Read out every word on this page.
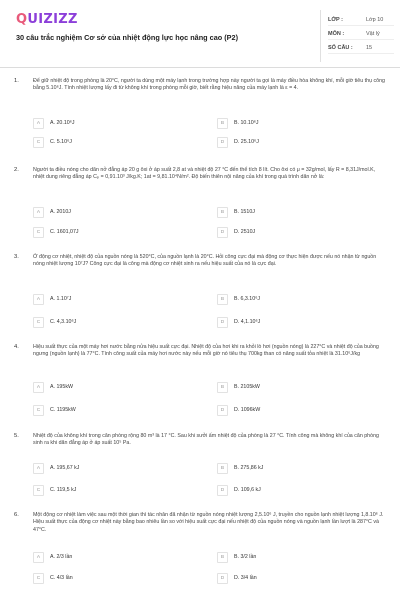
QUIZIZZ
30 câu trắc nghiệm Cơ sở của nhiệt động lực học nâng cao (P2)
LỚP :	Lớp 10
MÔN :	Vật lý
SỐ CÂU : 15
1.	Để giữ nhiệt độ trong phòng là 20°C, người ta dùng một máy lạnh trong trường hợp này người ta gọi là máy điều hòa không khí, mỗi giờ tiêu thụ công bằng 5.10⁶J. Tính nhiệt lượng lấy đi từ không khí trong phòng mỗi giờ, biết rằng hiệu năng của máy lạnh là ε = 4.
A	A. 20.10⁶J	B	B. 10.10⁶J
C	C. 5.10⁶J	D	D. 25.10⁶J
2.	Người ta điều nóng cho dãn nở đẳng áp 20 g ôxi ở áp suất 2,8 at và nhiệt độ 27 °C đến thể tích 8 lít. Cho ôxi có μ = 32g/mol, lấy R = 8,31J/mol.K, nhiệt dung riêng đẳng áp Cₚ = 0,91.10³ J/kg.K; 1at = 9,81.10⁴N/m². Độ biến thiên nội năng của khí trong quá trình dãn nở là:
A	A. 2010J	B	B. 1510J
C	C. 1601,07J	D	D. 2510J
3.	Ở động cơ nhiệt, nhiệt độ của nguồn nóng là 520°C, của nguồn lạnh là 20°C. Hỏi công cực đại mà động cơ thực hiện được nếu nó nhận từ nguồn nóng nhiệt lượng 10⁷J? Công cực đại là công mà động cơ nhiệt sinh ra nếu hiệu suất của nó là cực đại.
A	A. 1.10⁷J	B	B. 6,3.10⁶J
C	C. 4,3.10⁶J	D	D. 4,1.10⁶J
4.	Hiệu suất thực của một máy hơi nước bằng nửa hiệu suất cực đại. Nhiệt độ của hơi khi ra khỏi lò hơi (nguồn nóng) là 227°C và nhiệt độ của buồng ngưng (nguồn lạnh) là 77°C. Tính công suất của máy hơi nước này nếu mỗi giờ nó tiêu thụ 700kg than có năng suất tỏa nhiệt là 31.10⁶J/kg
A	A. 195kW	B	B. 2105kW
C	C. 1195kW	D	D. 1096kW
5.	Nhiệt độ của không khí trong căn phòng rộng 80 m³ là 17 °C. Sau khi sưởi ấm nhiệt độ của phòng là 27 °C. Tính công mà không khí của căn phòng sinh ra khi dãn đẳng áp ở áp suất 10⁵ Pa.
A	A. 195,67 kJ	B	B. 275,86 kJ
C	C. 119,5 kJ	D	D. 109,6 kJ
6.	Một động cơ nhiệt làm việc sau một thời gian thì tác nhân đã nhận từ nguồn nóng nhiệt lượng 2,5.10⁶ J, truyền cho nguồn lạnh nhiệt lượng 1,8.10⁶ J. Hiệu suất thực của động cơ nhiệt này bằng bao nhiêu lần so với hiệu suất cực đại nếu nhiệt độ của nguồn nóng và nguồn lạnh lần lượt là 287°C và 47°C.
A	A. 2/3 lần	B	B. 3/2 lần
C	C. 4/3 lần	D	D. 3/4 lần
